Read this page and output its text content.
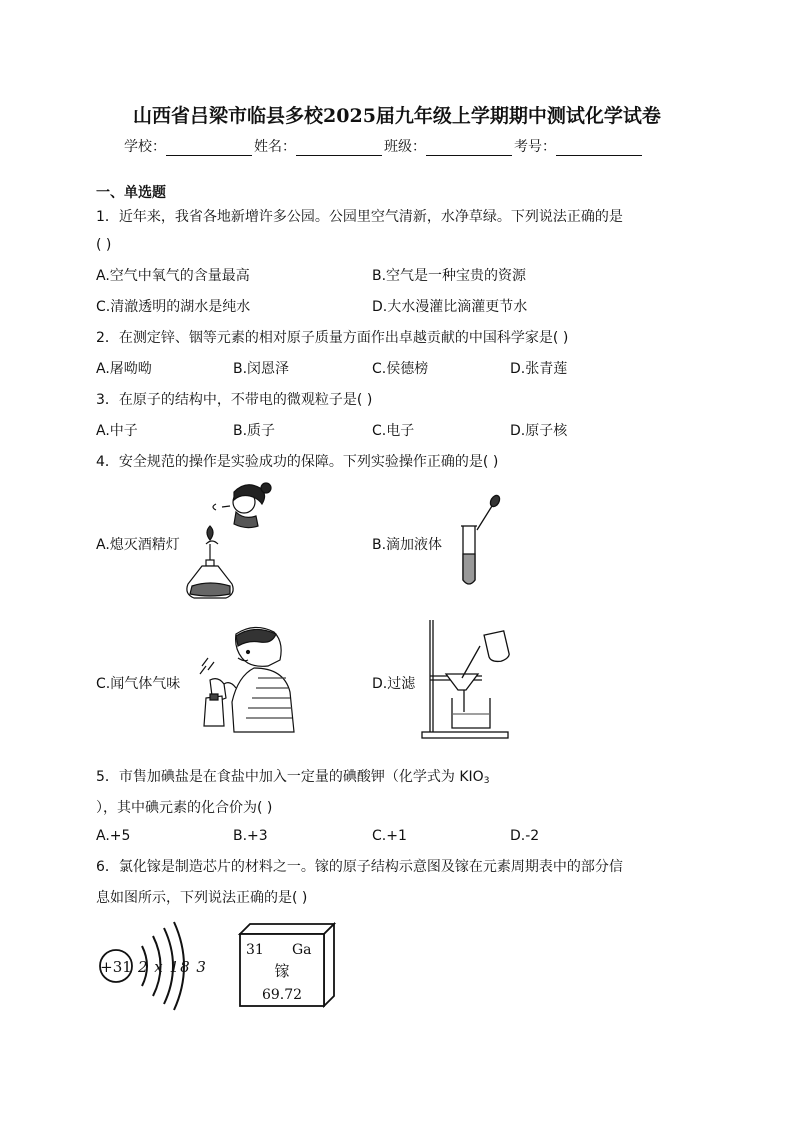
山西省吕梁市临县多校2025届九年级上学期期中测试化学试卷
学校：	姓名：	班级：	考号：
一、单选题
1．近年来，我省各地新增许多公园。公园里空气清新，水净草绿。下列说法正确的是
( )
A.空气中氧气的含量最高	B.空气是一种宝贵的资源
C.清澈透明的湖水是纯水	D.大水漫灌比滴灌更节水
2．在测定锌、铟等元素的相对原子质量方面作出卓越贡献的中国科学家是( )
A.屠呦呦	B.闵恩泽	C.侯德榜	D.张青莲
3．在原子的结构中，不带电的微观粒子是( )
A.中子	B.质子	C.电子	D.原子核
4．安全规范的操作是实验成功的保障。下列实验操作正确的是( )
A.熄灭酒精灯	B.滴加液体
C.闻气体气味	D.过滤
5．市售加碘盐是在食盐中加入一定量的碘酸钾（化学式为 $KIO_3$
），其中碘元素的化合价为( )
A.+5	B.+3	C.+1	D.-2
6．氯化镓是制造芯片的材料之一。镓的原子结构示意图及镓在元素周期表中的部分信
息如图所示，下列说法正确的是( )
+31 2 x 18 3
31 Ga
镓
69.72
